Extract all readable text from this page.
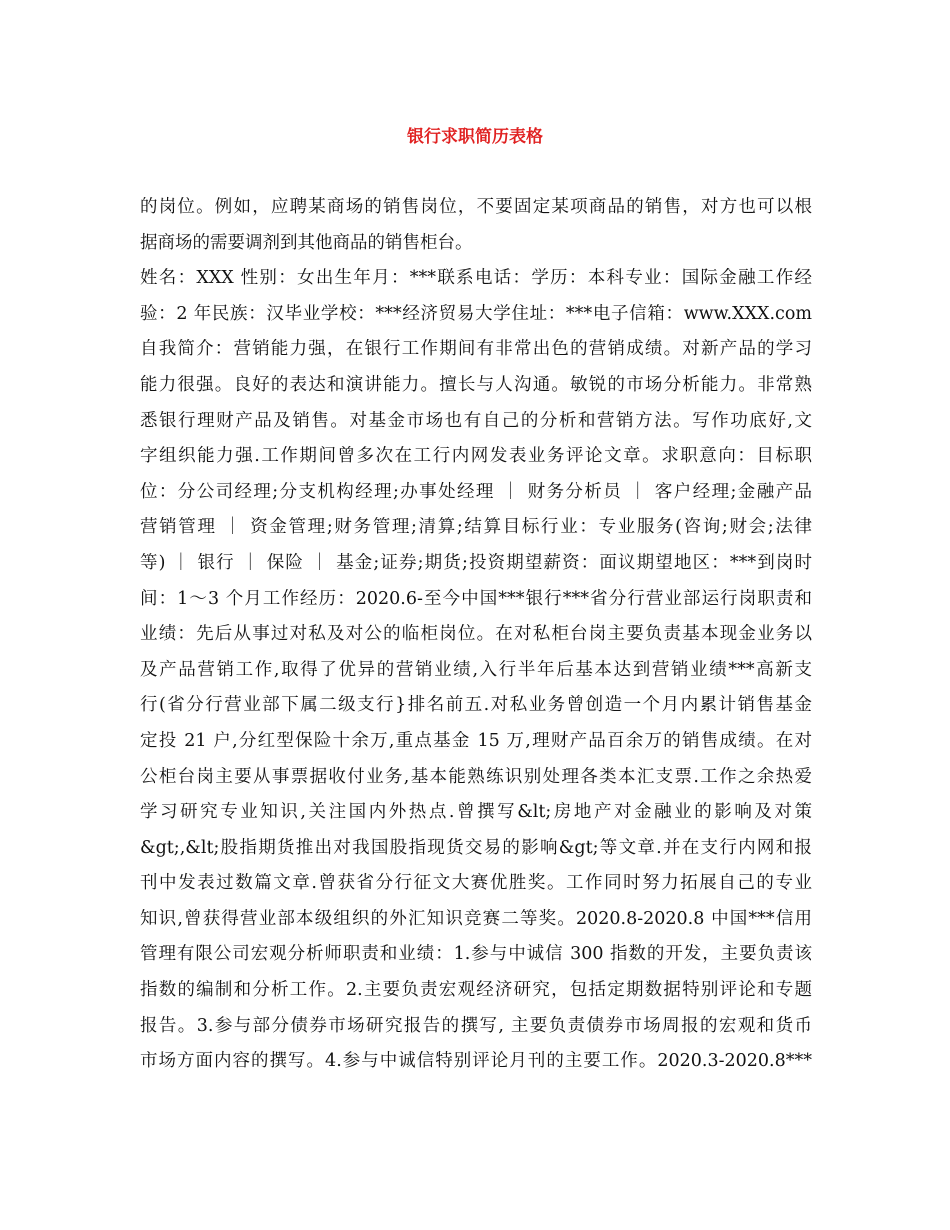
银行求职简历表格
的岗位。例如，应聘某商场的销售岗位，不要固定某项商品的销售，对方也可以根
据商场的需要调剂到其他商品的销售柜台。
姓名：XXX 性别：女出生年月：***联系电话：学历：本科专业：国际金融工作经
验：2 年民族：汉毕业学校：***经济贸易大学住址：***电子信箱：www.XXX.com
自我简介：营销能力强，在银行工作期间有非常出色的营销成绩。对新产品的学习
能力很强。良好的表达和演讲能力。擅长与人沟通。敏锐的市场分析能力。非常熟
悉银行理财产品及销售。对基金市场也有自己的分析和营销方法。写作功底好,文
字组织能力强.工作期间曾多次在工行内网发表业务评论文章。求职意向：目标职
位：分公司经理;分支机构经理;办事处经理 ｜ 财务分析员 ｜ 客户经理;金融产品
营销管理 ｜ 资金管理;财务管理;清算;结算目标行业：专业服务(咨询;财会;法律
等) ｜ 银行 ｜ 保险 ｜ 基金;证券;期货;投资期望薪资：面议期望地区：***到岗时
间：1～3 个月工作经历：2020.6-至今中国***银行***省分行营业部运行岗职责和
业绩：先后从事过对私及对公的临柜岗位。在对私柜台岗主要负责基本现金业务以
及产品营销工作,取得了优异的营销业绩,入行半年后基本达到营销业绩***高新支
行(省分行营业部下属二级支行}排名前五.对私业务曾创造一个月内累计销售基金
定投 21 户,分红型保险十余万,重点基金 15 万,理财产品百余万的销售成绩。在对
公柜台岗主要从事票据收付业务,基本能熟练识别处理各类本汇支票.工作之余热爱
学习研究专业知识,关注国内外热点.曾撰写&lt;房地产对金融业的影响及对策
&gt;,&lt;股指期货推出对我国股指现货交易的影响&gt;等文章.并在支行内网和报
刊中发表过数篇文章.曾获省分行征文大赛优胜奖。工作同时努力拓展自己的专业
知识,曾获得营业部本级组织的外汇知识竞赛二等奖。2020.8-2020.8 中国***信用
管理有限公司宏观分析师职责和业绩：1.参与中诚信 300 指数的开发，主要负责该
指数的编制和分析工作。2.主要负责宏观经济研究，包括定期数据特别评论和专题
报告。3.参与部分债券市场研究报告的撰写, 主要负责债券市场周报的宏观和货币
市场方面内容的撰写。4.参与中诚信特别评论月刊的主要工作。2020.3-2020.8***
